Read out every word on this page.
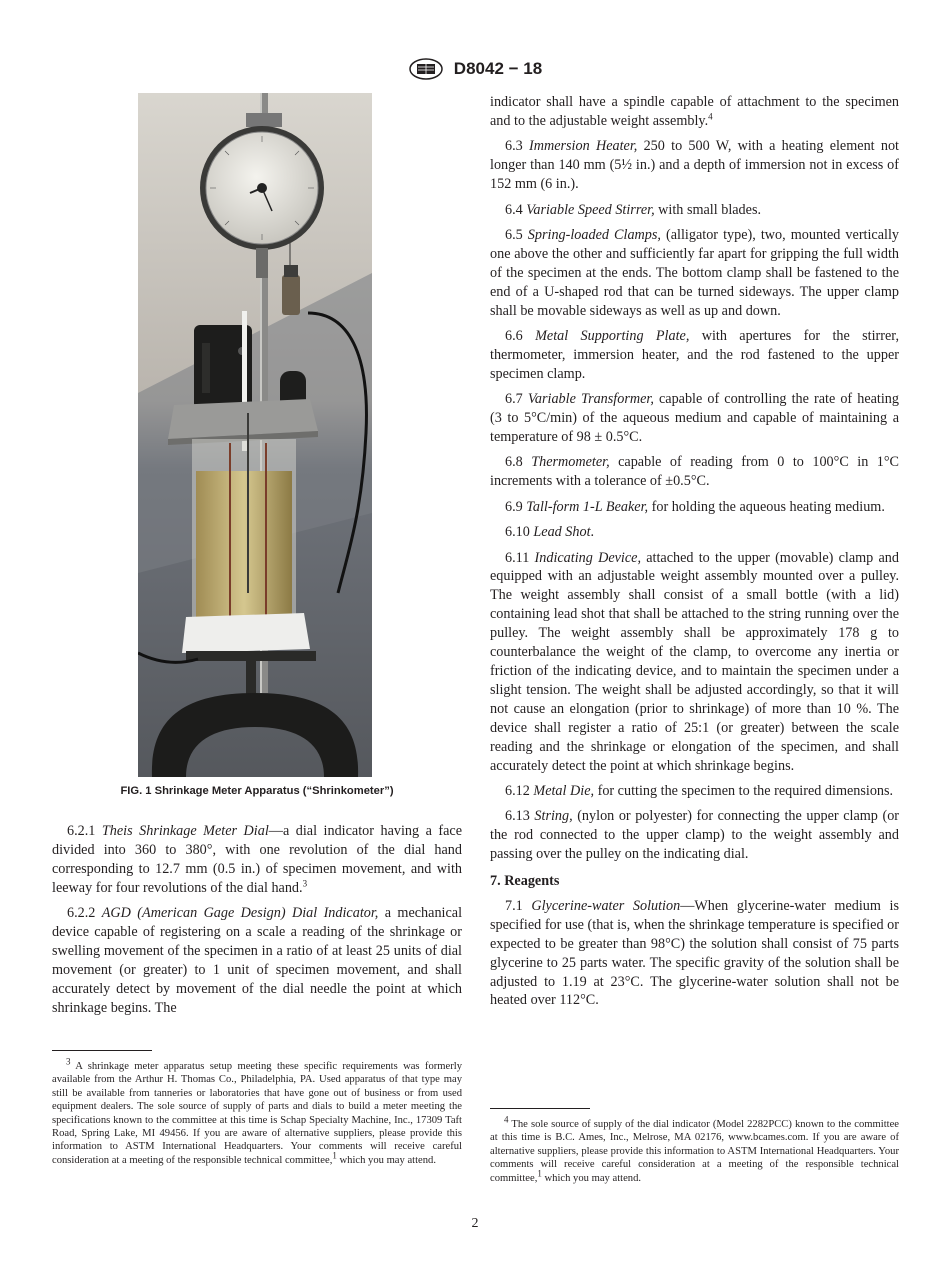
D8042 − 18
FIG. 1 Shrinkage Meter Apparatus (“Shrinkometer”)

6.2.1 Theis Shrinkage Meter Dial—a dial indicator having a face divided into 360 to 380°, with one revolution of the dial hand corresponding to 12.7 mm (0.5 in.) of specimen movement, and with leeway for four revolutions of the dial hand.$^3$

6.2.2 AGD (American Gage Design) Dial Indicator, a mechanical device capable of registering on a scale a reading of the shrinkage or swelling movement of the specimen in a ratio of at least 25 units of dial movement (or greater) to 1 unit of specimen movement, and shall accurately detect by movement of the dial needle the point at which shrinkage begins. The

$^3$ A shrinkage meter apparatus setup meeting these specific requirements was formerly available from the Arthur H. Thomas Co., Philadelphia, PA. Used apparatus of that type may still be available from tanneries or laboratories that have gone out of business or from used equipment dealers. The sole source of supply of parts and dials to build a meter meeting the specifications known to the committee at this time is Schap Specialty Machine, Inc., 17309 Taft Road, Spring Lake, MI 49456. If you are aware of alternative suppliers, please provide this information to ASTM International Headquarters. Your comments will receive careful consideration at a meeting of the responsible technical committee,$^1$ which you may attend.

indicator shall have a spindle capable of attachment to the specimen and to the adjustable weight assembly.$^4$

6.3 Immersion Heater, 250 to 500 W, with a heating element not longer than 140 mm (5½ in.) and a depth of immersion not in excess of 152 mm (6 in.).

6.4 Variable Speed Stirrer, with small blades.

6.5 Spring-loaded Clamps, (alligator type), two, mounted vertically one above the other and sufficiently far apart for gripping the full width of the specimen at the ends. The bottom clamp shall be fastened to the end of a U-shaped rod that can be turned sideways. The upper clamp shall be movable sideways as well as up and down.

6.6 Metal Supporting Plate, with apertures for the stirrer, thermometer, immersion heater, and the rod fastened to the upper specimen clamp.

6.7 Variable Transformer, capable of controlling the rate of heating (3 to 5°C/min) of the aqueous medium and capable of maintaining a temperature of 98 ± 0.5°C.

6.8 Thermometer, capable of reading from 0 to 100°C in 1°C increments with a tolerance of ±0.5°C.

6.9 Tall-form 1-L Beaker, for holding the aqueous heating medium.

6.10 Lead Shot.

6.11 Indicating Device, attached to the upper (movable) clamp and equipped with an adjustable weight assembly mounted over a pulley. The weight assembly shall consist of a small bottle (with a lid) containing lead shot that shall be attached to the string running over the pulley. The weight assembly shall be approximately 178 g to counterbalance the weight of the clamp, to overcome any inertia or friction of the indicating device, and to maintain the specimen under a slight tension. The weight shall be adjusted accordingly, so that it will not cause an elongation (prior to shrinkage) of more than 10 %. The device shall register a ratio of 25:1 (or greater) between the scale reading and the shrinkage or elongation of the specimen, and shall accurately detect the point at which shrinkage begins.

6.12 Metal Die, for cutting the specimen to the required dimensions.

6.13 String, (nylon or polyester) for connecting the upper clamp (or the rod connected to the upper clamp) to the weight assembly and passing over the pulley on the indicating dial.

7. Reagents

7.1 Glycerine-water Solution—When glycerine-water medium is specified for use (that is, when the shrinkage temperature is specified or expected to be greater than 98°C) the solution shall consist of 75 parts glycerine to 25 parts water. The specific gravity of the solution shall be adjusted to 1.19 at 23°C. The glycerine-water solution shall not be heated over 112°C.

$^4$ The sole source of supply of the dial indicator (Model 2282PCC) known to the committee at this time is B.C. Ames, Inc., Melrose, MA 02176, www.bcames.com. If you are aware of alternative suppliers, please provide this information to ASTM International Headquarters. Your comments will receive careful consideration at a meeting of the responsible technical committee,$^1$ which you may attend.

2
